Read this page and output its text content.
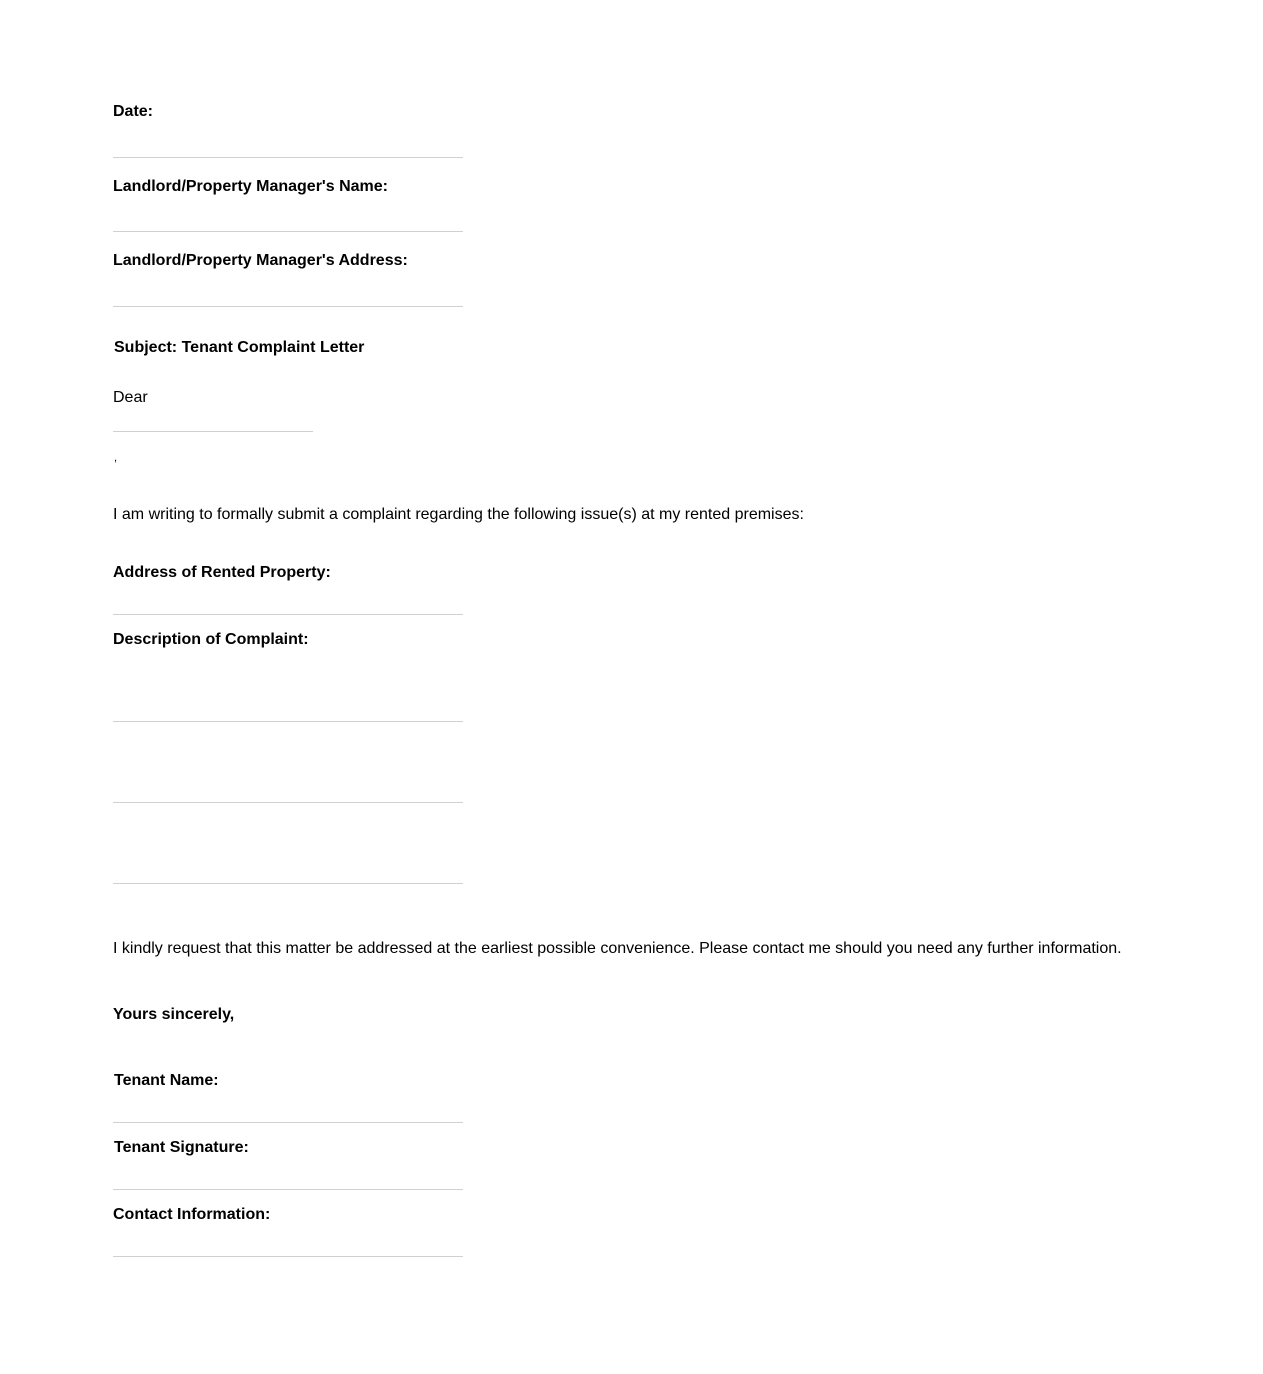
Date:
Landlord/Property Manager's Name:
Landlord/Property Manager's Address:
Subject: Tenant Complaint Letter
Dear
,
I am writing to formally submit a complaint regarding the following issue(s) at my rented premises:
Address of Rented Property:
Description of Complaint:
I kindly request that this matter be addressed at the earliest possible convenience. Please contact me should you need any further information.
Yours sincerely,
Tenant Name:
Tenant Signature:
Contact Information:
